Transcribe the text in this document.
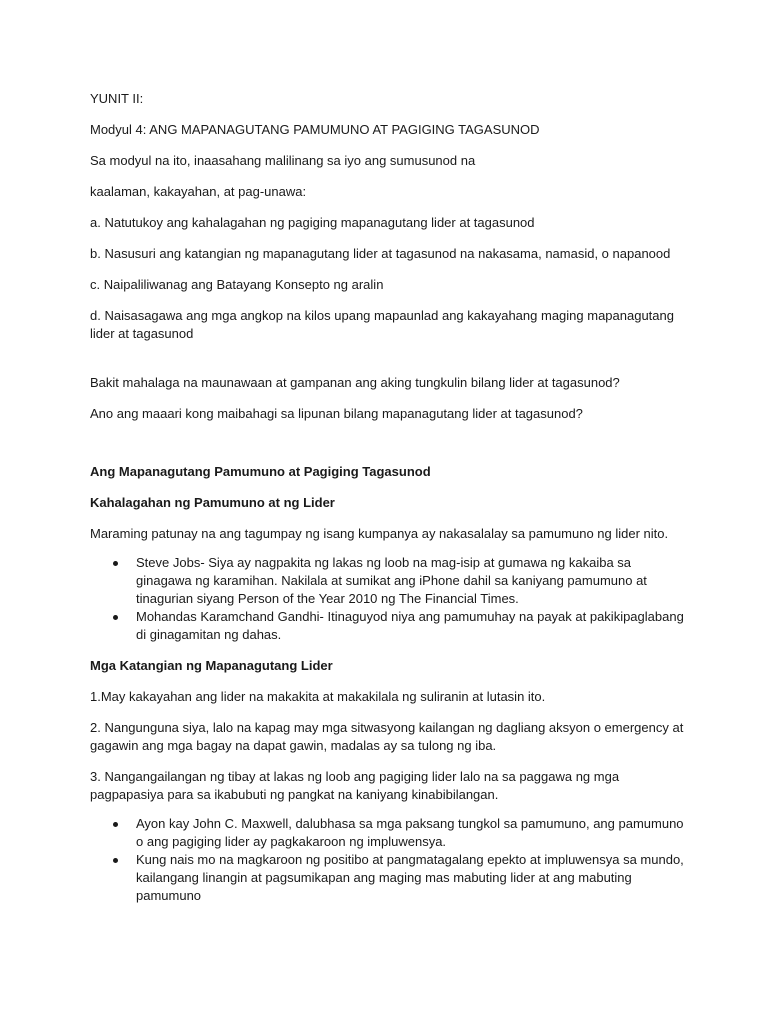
YUNIT II:

Modyul 4: ANG MAPANAGUTANG PAMUMUNO AT PAGIGING TAGASUNOD

Sa modyul na ito, inaasahang malilinang sa iyo ang sumusunod na

kaalaman, kakayahan, at pag-unawa:

a. Natutukoy ang kahalagahan ng pagiging mapanagutang lider at tagasunod

b. Nasusuri ang katangian ng mapanagutang lider at tagasunod na nakasama, namasid, o napanood

c. Naipaliliwanag ang Batayang Konsepto ng aralin

d. Naisasagawa ang mga angkop na kilos upang mapaunlad ang kakayahang maging mapanagutang lider at tagasunod

Bakit mahalaga na maunawaan at gampanan ang aking tungkulin bilang lider at tagasunod?

Ano ang maaari kong maibahagi sa lipunan bilang mapanagutang lider at tagasunod?

Ang Mapanagutang Pamumuno at Pagiging Tagasunod

Kahalagahan ng Pamumuno at ng Lider

Maraming patunay na ang tagumpay ng isang kumpanya ay nakasalalay sa pamumuno ng lider nito.

Steve Jobs- Siya ay nagpakita ng lakas ng loob na mag-isip at gumawa ng kakaiba sa ginagawa ng karamihan. Nakilala at sumikat ang iPhone dahil sa kaniyang pamumuno at tinagurian siyang Person of the Year 2010 ng The Financial Times.
Mohandas Karamchand Gandhi- Itinaguyod niya ang pamumuhay na payak at pakikipaglabang di ginagamitan ng dahas.

Mga Katangian ng Mapanagutang Lider

1.May kakayahan ang lider na makakita at makakilala ng suliranin at lutasin ito.

2. Nangunguna siya, lalo na kapag may mga sitwasyong kailangan ng dagliang aksyon o emergency at gagawin ang mga bagay na dapat gawin, madalas ay sa tulong ng iba.

3. Nangangailangan ng tibay at lakas ng loob ang pagiging lider lalo na sa paggawa ng mga pagpapasiya para sa ikabubuti ng pangkat na kaniyang kinabibilangan.

Ayon kay John C. Maxwell, dalubhasa sa mga paksang tungkol sa pamumuno, ang pamumuno o ang pagiging lider ay pagkakaroon ng impluwensya.
Kung nais mo na magkaroon ng positibo at pangmatagalang epekto at impluwensya sa mundo, kailangang linangin at pagsumikapan ang maging mas mabuting lider at ang mabuting pamumuno
